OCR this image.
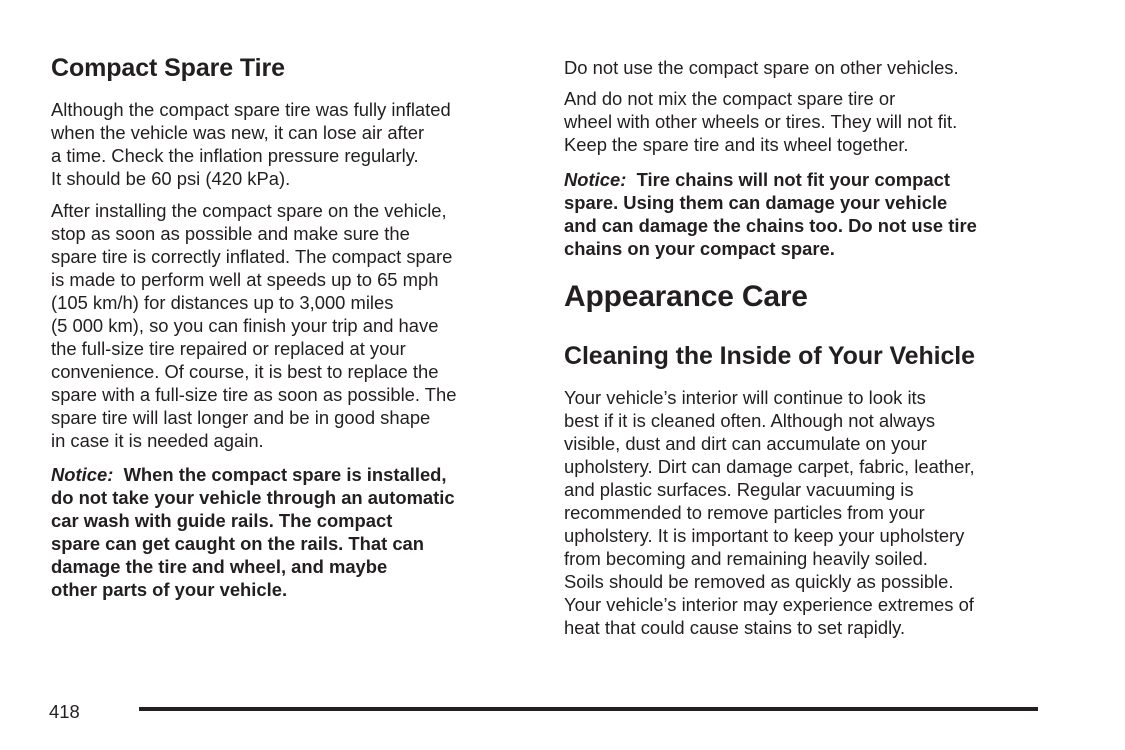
Compact Spare Tire

Although the compact spare tire was fully inflated
when the vehicle was new, it can lose air after
a time. Check the inflation pressure regularly.
It should be 60 psi (420 kPa).

After installing the compact spare on the vehicle,
stop as soon as possible and make sure the
spare tire is correctly inflated. The compact spare
is made to perform well at speeds up to 65 mph
(105 km/h) for distances up to 3,000 miles
(5 000 km), so you can finish your trip and have
the full-size tire repaired or replaced at your
convenience. Of course, it is best to replace the
spare with a full-size tire as soon as possible. The
spare tire will last longer and be in good shape
in case it is needed again.

Notice: When the compact spare is installed,
do not take your vehicle through an automatic
car wash with guide rails. The compact
spare can get caught on the rails. That can
damage the tire and wheel, and maybe
other parts of your vehicle.

Do not use the compact spare on other vehicles.

And do not mix the compact spare tire or
wheel with other wheels or tires. They will not fit.
Keep the spare tire and its wheel together.

Notice: Tire chains will not fit your compact
spare. Using them can damage your vehicle
and can damage the chains too. Do not use tire
chains on your compact spare.

Appearance Care
Cleaning the Inside of Your Vehicle

Your vehicle’s interior will continue to look its
best if it is cleaned often. Although not always
visible, dust and dirt can accumulate on your
upholstery. Dirt can damage carpet, fabric, leather,
and plastic surfaces. Regular vacuuming is
recommended to remove particles from your
upholstery. It is important to keep your upholstery
from becoming and remaining heavily soiled.
Soils should be removed as quickly as possible.
Your vehicle’s interior may experience extremes of
heat that could cause stains to set rapidly.

418
